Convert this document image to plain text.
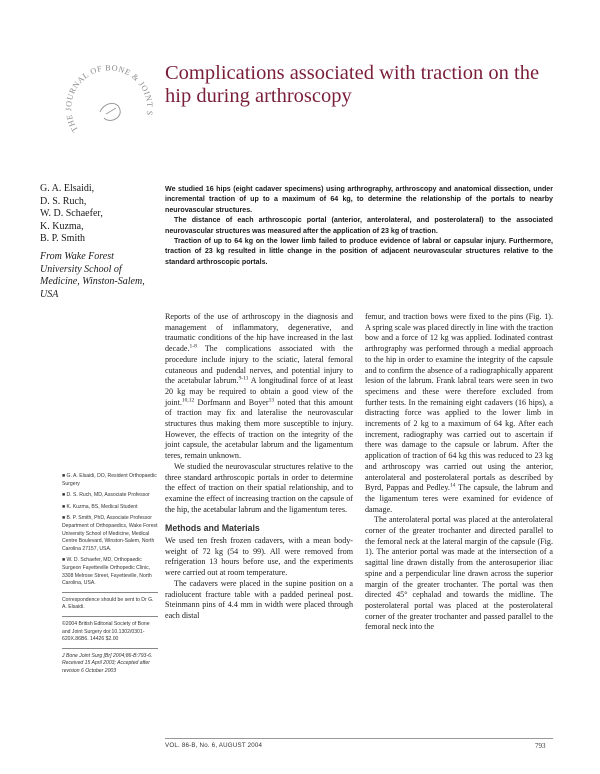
THE JOURNAL OF BONE & JOINT S
Complications associated with traction on the hip during arthroscopy
G. A. Elsaidi,
D. S. Ruch,
W. D. Schaefer,
K. Kuzma,
B. P. Smith
From Wake Forest University School of Medicine, Winston-Salem, USA

We studied 16 hips (eight cadaver specimens) using arthrography, arthroscopy and anatomical dissection, under incremental traction of up to a maximum of 64 kg, to determine the relationship of the portals to nearby neurovascular structures.

The distance of each arthroscopic portal (anterior, anterolateral, and posterolateral) to the associated neurovascular structures was measured after the application of 23 kg of traction.

Traction of up to 64 kg on the lower limb failed to produce evidence of labral or capsular injury. Furthermore, traction of 23 kg resulted in little change in the position of adjacent neurovascular structures relative to the standard arthroscopic portals.

■ G. A. Elsaidi, DO, Resident Orthopaedic Surgery
■ D. S. Ruch, MD, Associate Professor
■ K. Kuzma, BS, Medical Student
■ B. P. Smith, PhD, Associate Professor Department of Orthopaedics, Wake Forest University School of Medicine, Medical Centre Boulevard, Winston-Salem, North Carolina 27157, USA.
■ W. D. Schaefer, MD, Orthopaedic Surgeon Fayetteville Orthopedic Clinic, 3308 Melrose Street, Fayetteville, North Carolina, USA.
Correspondence should be sent to Dr G. A. Elsaidi.
©2004 British Editorial Society of Bone and Joint Surgery doi:10.1302/0301-620X.86B6. 14426 $2.00
J Bone Joint Surg [Br] 2004;86-B:793-6.
Received 15 April 2003; Accepted after revision 6 October 2003

Reports of the use of arthroscopy in the diagnosis and management of inflammatory, degenerative, and traumatic conditions of the hip have increased in the last decade.$^{1-8}$ The complications associated with the procedure include injury to the sciatic, lateral femoral cutaneous and pudendal nerves, and potential injury to the acetabular labrum.$^{9-11}$ A longitudinal force of at least 20 kg may be required to obtain a good view of the joint.$^{10,12}$ Dorfmann and Boyer$^{13}$ noted that this amount of traction may fix and lateralise the neurovascular structures thus making them more susceptible to injury. However, the effects of traction on the integrity of the joint capsule, the acetabular labrum and the ligamentum teres, remain unknown.

We studied the neurovascular structures relative to the three standard arthroscopic portals in order to determine the effect of traction on their spatial relationship, and to examine the effect of increasing traction on the capsule of the hip, the acetabular labrum and the ligamentum teres.

Methods and Materials

We used ten fresh frozen cadavers, with a mean body-weight of 72 kg (54 to 99). All were removed from refrigeration 13 hours before use, and the experiments were carried out at room temperature.

The cadavers were placed in the supine position on a radiolucent fracture table with a padded perineal post. Steinmann pins of 4.4 mm in width were placed through each distal

femur, and traction bows were fixed to the pins (Fig. 1). A spring scale was placed directly in line with the traction bow and a force of 12 kg was applied. Iodinated contrast arthrography was performed through a medial approach to the hip in order to examine the integrity of the capsule and to confirm the absence of a radiographically apparent lesion of the labrum. Frank labral tears were seen in two specimens and these were therefore excluded from further tests. In the remaining eight cadavers (16 hips), a distracting force was applied to the lower limb in increments of 2 kg to a maximum of 64 kg. After each increment, radiography was carried out to ascertain if there was damage to the capsule or labrum. After the application of traction of 64 kg this was reduced to 23 kg and arthroscopy was carried out using the anterior, anterolateral and posterolateral portals as described by Byrd, Pappas and Pedley.$^{14}$ The capsule, the labrum and the ligamentum teres were examined for evidence of damage.

The anterolateral portal was placed at the anterolateral corner of the greater trochanter and directed parallel to the femoral neck at the lateral margin of the capsule (Fig. 1). The anterior portal was made at the intersection of a sagittal line drawn distally from the anterosuperior iliac spine and a perpendicular line drawn across the superior margin of the greater trochanter. The portal was then directed 45° cephalad and towards the midline. The posterolateral portal was placed at the posterolateral corner of the greater trochanter and passed parallel to the femoral neck into the

VOL. 86-B, No. 6, AUGUST 2004	793
